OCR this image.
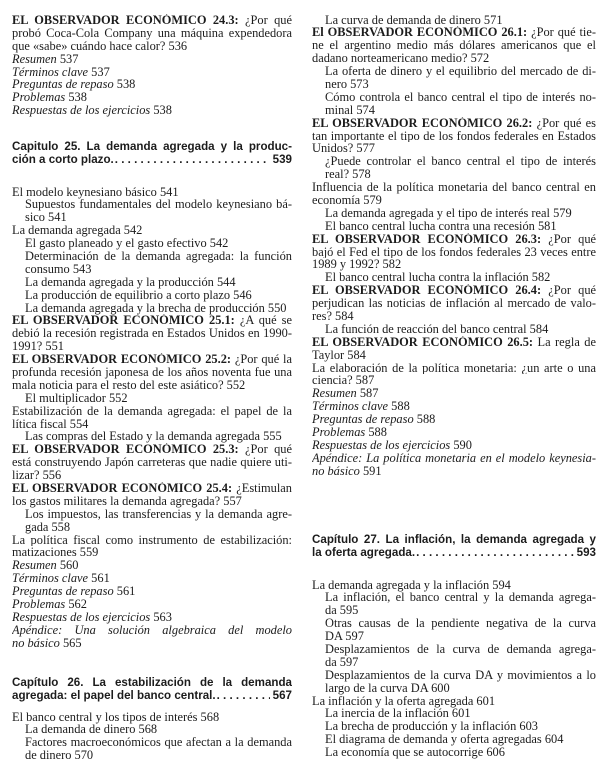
EL OBSERVADOR ECONÓMICO 24.3: ¿Por qué
probó Coca-Cola Company una máquina expendedora
que «sabe» cuándo hace calor? 536
Resumen 537
Términos clave 537
Preguntas de repaso 538
Problemas 538
Respuestas de los ejercicios 538
Capitulo 25. La demanda agregada y la produc-
ción a corto plazo. . . .	539
El modelo keynesiano básico 541
Supuestos fundamentales del modelo keynesiano bá-
sico 541
La demanda agregada 542
El gasto planeado y el gasto efectivo 542
Determinación de la demanda agregada: la función
consumo 543
La demanda agregada y la producción 544
La producción de equilibrio a corto plazo 546
La demanda agregada y la brecha de producción 550
EL OBSERVADOR ECONÓMICO 25.1: ¿A qué se
debió la recesión registrada en Estados Unidos en 1990-
1991? 551
EL OBSERVADOR ECONÓMICO 25.2: ¿Por qué la
profunda recesión japonesa de los años noventa fue una
mala noticia para el resto del este asiático? 552
El multiplicador 552
Estabilización de la demanda agregada: el papel de la
lítica fiscal 554
Las compras del Estado y la demanda agregada 555
EL OBSERVADOR ECONÓMICO 25.3: ¿Por qué
está construyendo Japón carreteras que nadie quiere uti-
lizar? 556
EL OBSERVADOR ECONÓMICO 25.4: ¿Estimulan
los gastos militares la demanda agregada? 557
Los impuestos, las transferencias y la demanda agre-
gada 558
La política fiscal como instrumento de estabilización:
matizaciones 559
Resumen 560
Términos clave 561
Preguntas de repaso 561
Problemas 562
Respuestas de los ejercicios 563
Apéndice: Una solución algebraica del modelo
no básico 565
Capítulo 26. La estabilización de la demanda
agregada: el papel del banco central. . . .	567
El banco central y los tipos de interés 568
La demanda de dinero 568
Factores macroeconómicos que afectan a la demanda
de dinero 570
La curva de demanda de dinero 571
El OBSERVADOR ECONÓMICO 26.1: ¿Por qué tie-
ne el argentino medio más dólares americanos que el
dadano norteamericano medio? 572
La oferta de dinero y el equilibrio del mercado de di-
nero 573
Cómo controla el banco central el tipo de interés no-
minal 574
EL OBSERVADOR ECONÓMICO 26.2: ¿Por qué es
tan importante el tipo de los fondos federales en Estados
Unidos? 577
¿Puede controlar el banco central el tipo de interés
real? 578
Influencia de la política monetaria del banco central en
economía 579
La demanda agregada y el tipo de interés real 579
El banco central lucha contra una recesión 581
EL OBSERVADOR ECONÓMICO 26.3: ¿Por qué
bajó el Fed el tipo de los fondos federales 23 veces entre
1989 y 1992? 582
El banco central lucha contra la inflación 582
EL OBSERVADOR ECONÓMICO 26.4: ¿Por qué
perjudican las noticias de inflación al mercado de valo-
res? 584
La función de reacción del banco central 584
EL OBSERVADOR ECONÓMICO 26.5: La regla de
Taylor 584
La elaboración de la política monetaria: ¿un arte o una
ciencia? 587
Resumen 587
Términos clave 588
Preguntas de repaso 588
Problemas 588
Respuestas de los ejercicios 590
Apéndice: La política monetaria en el modelo keynesia-
no básico 591
Capítulo 27. La inflación, la demanda agregada y
la oferta agregada. . . .	593
La demanda agregada y la inflación 594
La inflación, el banco central y la demanda agrega-
da 595
Otras causas de la pendiente negativa de la curva
DA 597
Desplazamientos de la curva de demanda agrega-
da 597
Desplazamientos de la curva DA y movimientos a lo
largo de la curva DA 600
La inflación y la oferta agregada 601
La inercia de la inflación 601
La brecha de producción y la inflación 603
El diagrama de demanda y oferta agregadas 604
La economía que se autocorrige 606
